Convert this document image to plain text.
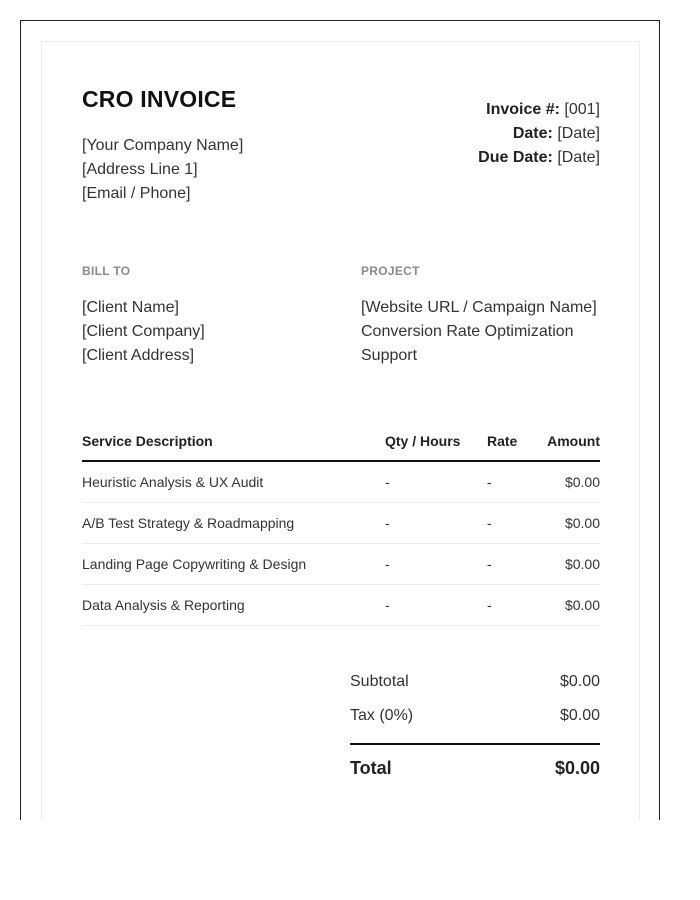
CRO INVOICE
[Your Company Name]
[Address Line 1]
[Email / Phone]
Invoice #: [001]
Date: [Date]
Due Date: [Date]
BILL TO
[Client Name]
[Client Company]
[Client Address]
PROJECT
[Website URL / Campaign Name]
Conversion Rate Optimization
Support
Service Description	Qty / Hours	Rate	Amount
Heuristic Analysis & UX Audit	-	-	$0.00
A/B Test Strategy & Roadmapping	-	-	$0.00
Landing Page Copywriting & Design	-	-	$0.00
Data Analysis & Reporting	-	-	$0.00
Subtotal	$0.00
Tax (0%)	$0.00
Total	$0.00
